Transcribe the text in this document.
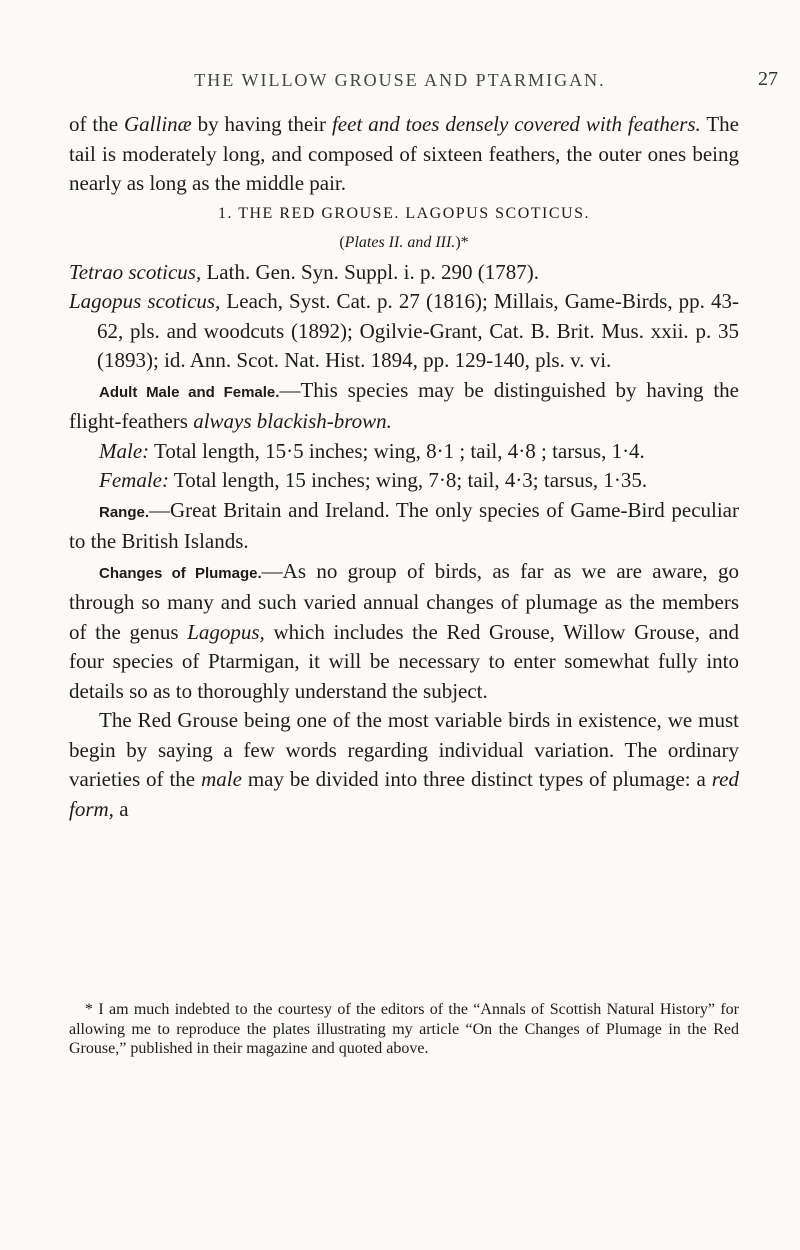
THE WILLOW GROUSE AND PTARMIGAN.	27

of the Gallinæ by having their feet and toes densely covered with feathers. The tail is moderately long, and composed of sixteen feathers, the outer ones being nearly as long as the middle pair.

1. THE RED GROUSE. LAGOPUS SCOTICUS.

(Plates II. and III.)*

Tetrao scoticus, Lath. Gen. Syn. Suppl. i. p. 290 (1787).

Lagopus scoticus, Leach, Syst. Cat. p. 27 (1816); Millais, Game-Birds, pp. 43-62, pls. and woodcuts (1892); Ogilvie-Grant, Cat. B. Brit. Mus. xxii. p. 35 (1893); id. Ann. Scot. Nat. Hist. 1894, pp. 129-140, pls. v. vi.

Adult Male and Female.—This species may be distinguished by having the flight-feathers always blackish-brown.

Male: Total length, 15·5 inches; wing, 8·1 ; tail, 4·8 ; tarsus, 1·4.

Female: Total length, 15 inches; wing, 7·8; tail, 4·3; tarsus, 1·35.

Range.—Great Britain and Ireland. The only species of Game-Bird peculiar to the British Islands.

Changes of Plumage.—As no group of birds, as far as we are aware, go through so many and such varied annual changes of plumage as the members of the genus Lagopus, which includes the Red Grouse, Willow Grouse, and four species of Ptarmigan, it will be necessary to enter somewhat fully into details so as to thoroughly understand the subject.

The Red Grouse being one of the most variable birds in existence, we must begin by saying a few words regarding individual variation. The ordinary varieties of the male may be divided into three distinct types of plumage: a red form, a

* I am much indebted to the courtesy of the editors of the “Annals of Scottish Natural History” for allowing me to reproduce the plates illustrating my article “On the Changes of Plumage in the Red Grouse,” published in their magazine and quoted above.
